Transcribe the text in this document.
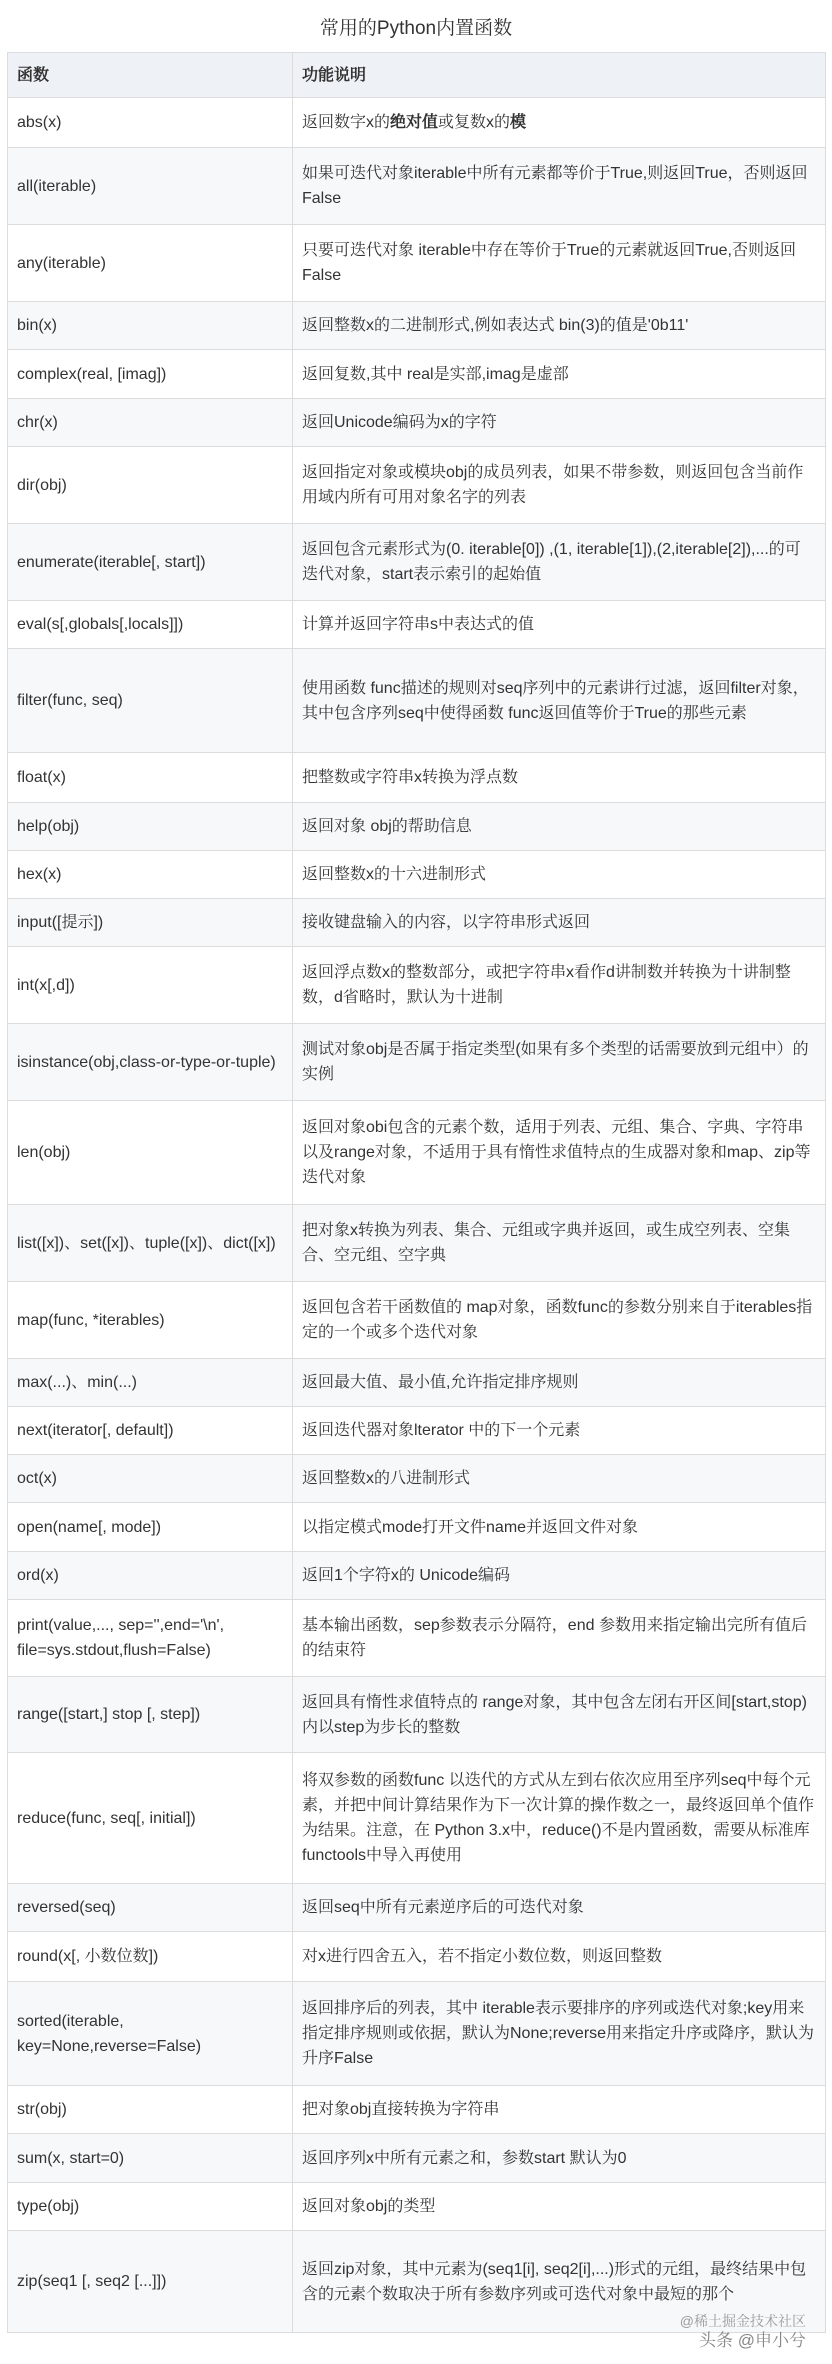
常用的Python内置函数
函数	功能说明
abs(x)	返回数字x的绝对值或复数x的模
all(iterable)	如果可迭代对象iterable中所有元素都等价于True,则返回True，否则返回False
any(iterable)	只要可迭代对象 iterable中存在等价于True的元素就返回True,否则返回 False
bin(x)	返回整数x的二进制形式,例如表达式 bin(3)的值是'0b11'
complex(real, [imag])	返回复数,其中 real是实部,imag是虚部
chr(x)	返回Unicode编码为x的字符
dir(obj)	返回指定对象或模块obj的成员列表，如果不带参数，则返回包含当前作用域内所有可用对象名字的列表
enumerate(iterable[, start])	返回包含元素形式为(0. iterable[0]) ,(1, iterable[1]),(2,iterable[2]),...的可迭代对象，start表示索引的起始值
eval(s[,globals[,locals]])	计算并返回字符串s中表达式的值
filter(func, seq)	使用函数 func描述的规则对seq序列中的元素讲行过滤，返回filter对象，其中包含序列seq中使得函数 func返回值等价于True的那些元素
float(x)	把整数或字符串x转换为浮点数
help(obj)	返回对象 obj的帮助信息
hex(x)	返回整数x的十六进制形式
input([提示])	接收键盘输入的内容，以字符串形式返回
int(x[,d])	返回浮点数x的整数部分，或把字符串x看作d讲制数并转换为十讲制整数，d省略时，默认为十进制
isinstance(obj,class-or-type-or-tuple)	测试对象obj是否属于指定类型(如果有多个类型的话需要放到元组中）的实例
len(obj)	返回对象obi包含的元素个数，适用于列表、元组、集合、字典、字符串以及range对象，不适用于具有惰性求值特点的生成器对象和map、zip等迭代对象
list([x])、set([x])、tuple([x])、dict([x])	把对象x转换为列表、集合、元组或字典并返回，或生成空列表、空集合、空元组、空字典
map(func, *iterables)	返回包含若干函数值的 map对象，函数func的参数分别来自于iterables指定的一个或多个迭代对象
max(...)、min(...)	返回最大值、最小值,允许指定排序规则
next(iterator[, default])	返回迭代器对象lterator 中的下一个元素
oct(x)	返回整数x的八进制形式
open(name[, mode])	以指定模式mode打开文件name并返回文件对象
ord(x)	返回1个字符x的 Unicode编码
print(value,..., sep='',end='\n', file=sys.stdout,flush=False)	基本输出函数，sep参数表示分隔符，end 参数用来指定输出完所有值后的结束符
range([start,] stop [, step])	返回具有惰性求值特点的 range对象，其中包含左闭右开区间[start,stop)内以step为步长的整数
reduce(func, seq[, initial])	将双参数的函数func 以迭代的方式从左到右依次应用至序列seq中每个元素，并把中间计算结果作为下一次计算的操作数之一，最终返回单个值作为结果。注意，在 Python 3.x中，reduce()不是内置函数，需要从标准库 functools中导入再使用
reversed(seq)	返回seq中所有元素逆序后的可迭代对象
round(x[, 小数位数])	对x进行四舍五入，若不指定小数位数，则返回整数
sorted(iterable, key=None,reverse=False)	返回排序后的列表，其中 iterable表示要排序的序列或迭代对象;key用来指定排序规则或依据，默认为None;reverse用来指定升序或降序，默认为升序False
str(obj)	把对象obj直接转换为字符串
sum(x, start=0)	返回序列x中所有元素之和，参数start 默认为0
type(obj)	返回对象obj的类型
zip(seq1 [, seq2 [...]])	返回zip对象，其中元素为(seq1[i], seq2[i],...)形式的元组，最终结果中包含的元素个数取决于所有参数序列或可迭代对象中最短的那个
@稀土掘金技术社区
头条 @申小兮
